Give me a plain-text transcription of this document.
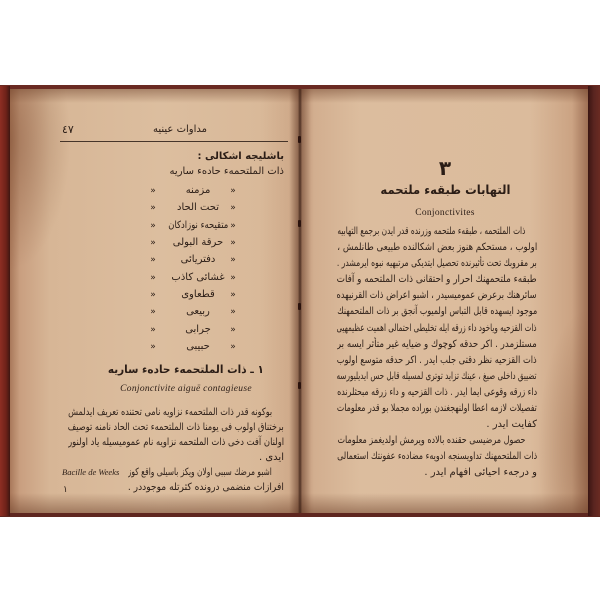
٤٧	مداوات عينيه
باشليجه اشكالى :
ذات الملتحمهء حادهء ساريه
»
مزمنه
»
»
تحت الحاد
»
»
متقيحهء نوزادكان
»
»
حرقة البولى
»
»
دفتريائى
»
»
غشائى كاذب
»
»
قطعاوى
»
»
ربيعى
»
»
جرابى
»
»
حبيبى
»
١ ـ ذات الملتحمهء حادهء ساريه
Conjonctivite aiguë contagieuse
بوكونه قدر ذات الملتحمهء نزاويه نامى تحتنده تعريف ايدلمش
برختناق اولوب فى يومنا ذات الملتحمهء تحت الحاد نامنه توصيف
اولنان آفت دخى ذات الملتحمه نزاويه نام عموميسيله ياد اولنور
ايدى .
Bacille de Weeks اشبو مرضك سببى اولان ويكز باسيلى واقع كوز
افرازات منضمى درونده كثرتله موجوددر .
١
٣
التهابات طبقهء ملتحمه
Conjonctivites
ذات الملتحمه ، طبقهء ملتحمه وزرنده قدر ايدن برجمع التهابيه
اولوب ، مستحكم هنوز بعض اشكالنده طبيعى طانلمش ،
بر مقروبك تحت تأثيرنده تحصيل ايتديكى مرتبهيه نبوه ايرمشدر .
طبقهء ملتحمهنك احرار و احتقانى ذات الملتحمه و آفات
سائرهنك برعرض عموميسيدر ، اشبو اعراض ذات القرنيهده
موجود ايسهده قابل التباس اولميوب آنجق بر ذات الملتحمهنك
ذات القزحيه وياخود داء زرقه ايله تخليطى احتمالى اهميت عظيمهيى
مستلزمدر . اكر حدقه كوچوك و ضيايه غير متأثر ايسه بر
ذات القزحيه نظر دقتى جلب ايدر . اكر حدقه متوسع اولوب
تضييق داخلى صيغ ، عينك تزايد توترى لمسيله قابل حس ايديليورسه
داء زرقه وقوعى ايما ايدر . ذات القزحيه و داء زرقه مبحثلرنده
تفصيلات لازمه اعطا اولنهجغندن بوراده مجملا بو قدر معلومات
كفايت ايدر .
حصول مرضيسى حقنده بالاده ويرمش اولديغمز معلومات
ذات الملتحمهنك تداويسنجه ادويهء مضادهء عفونتك استعمالى
و درجهء احيائى افهام ايدر .
